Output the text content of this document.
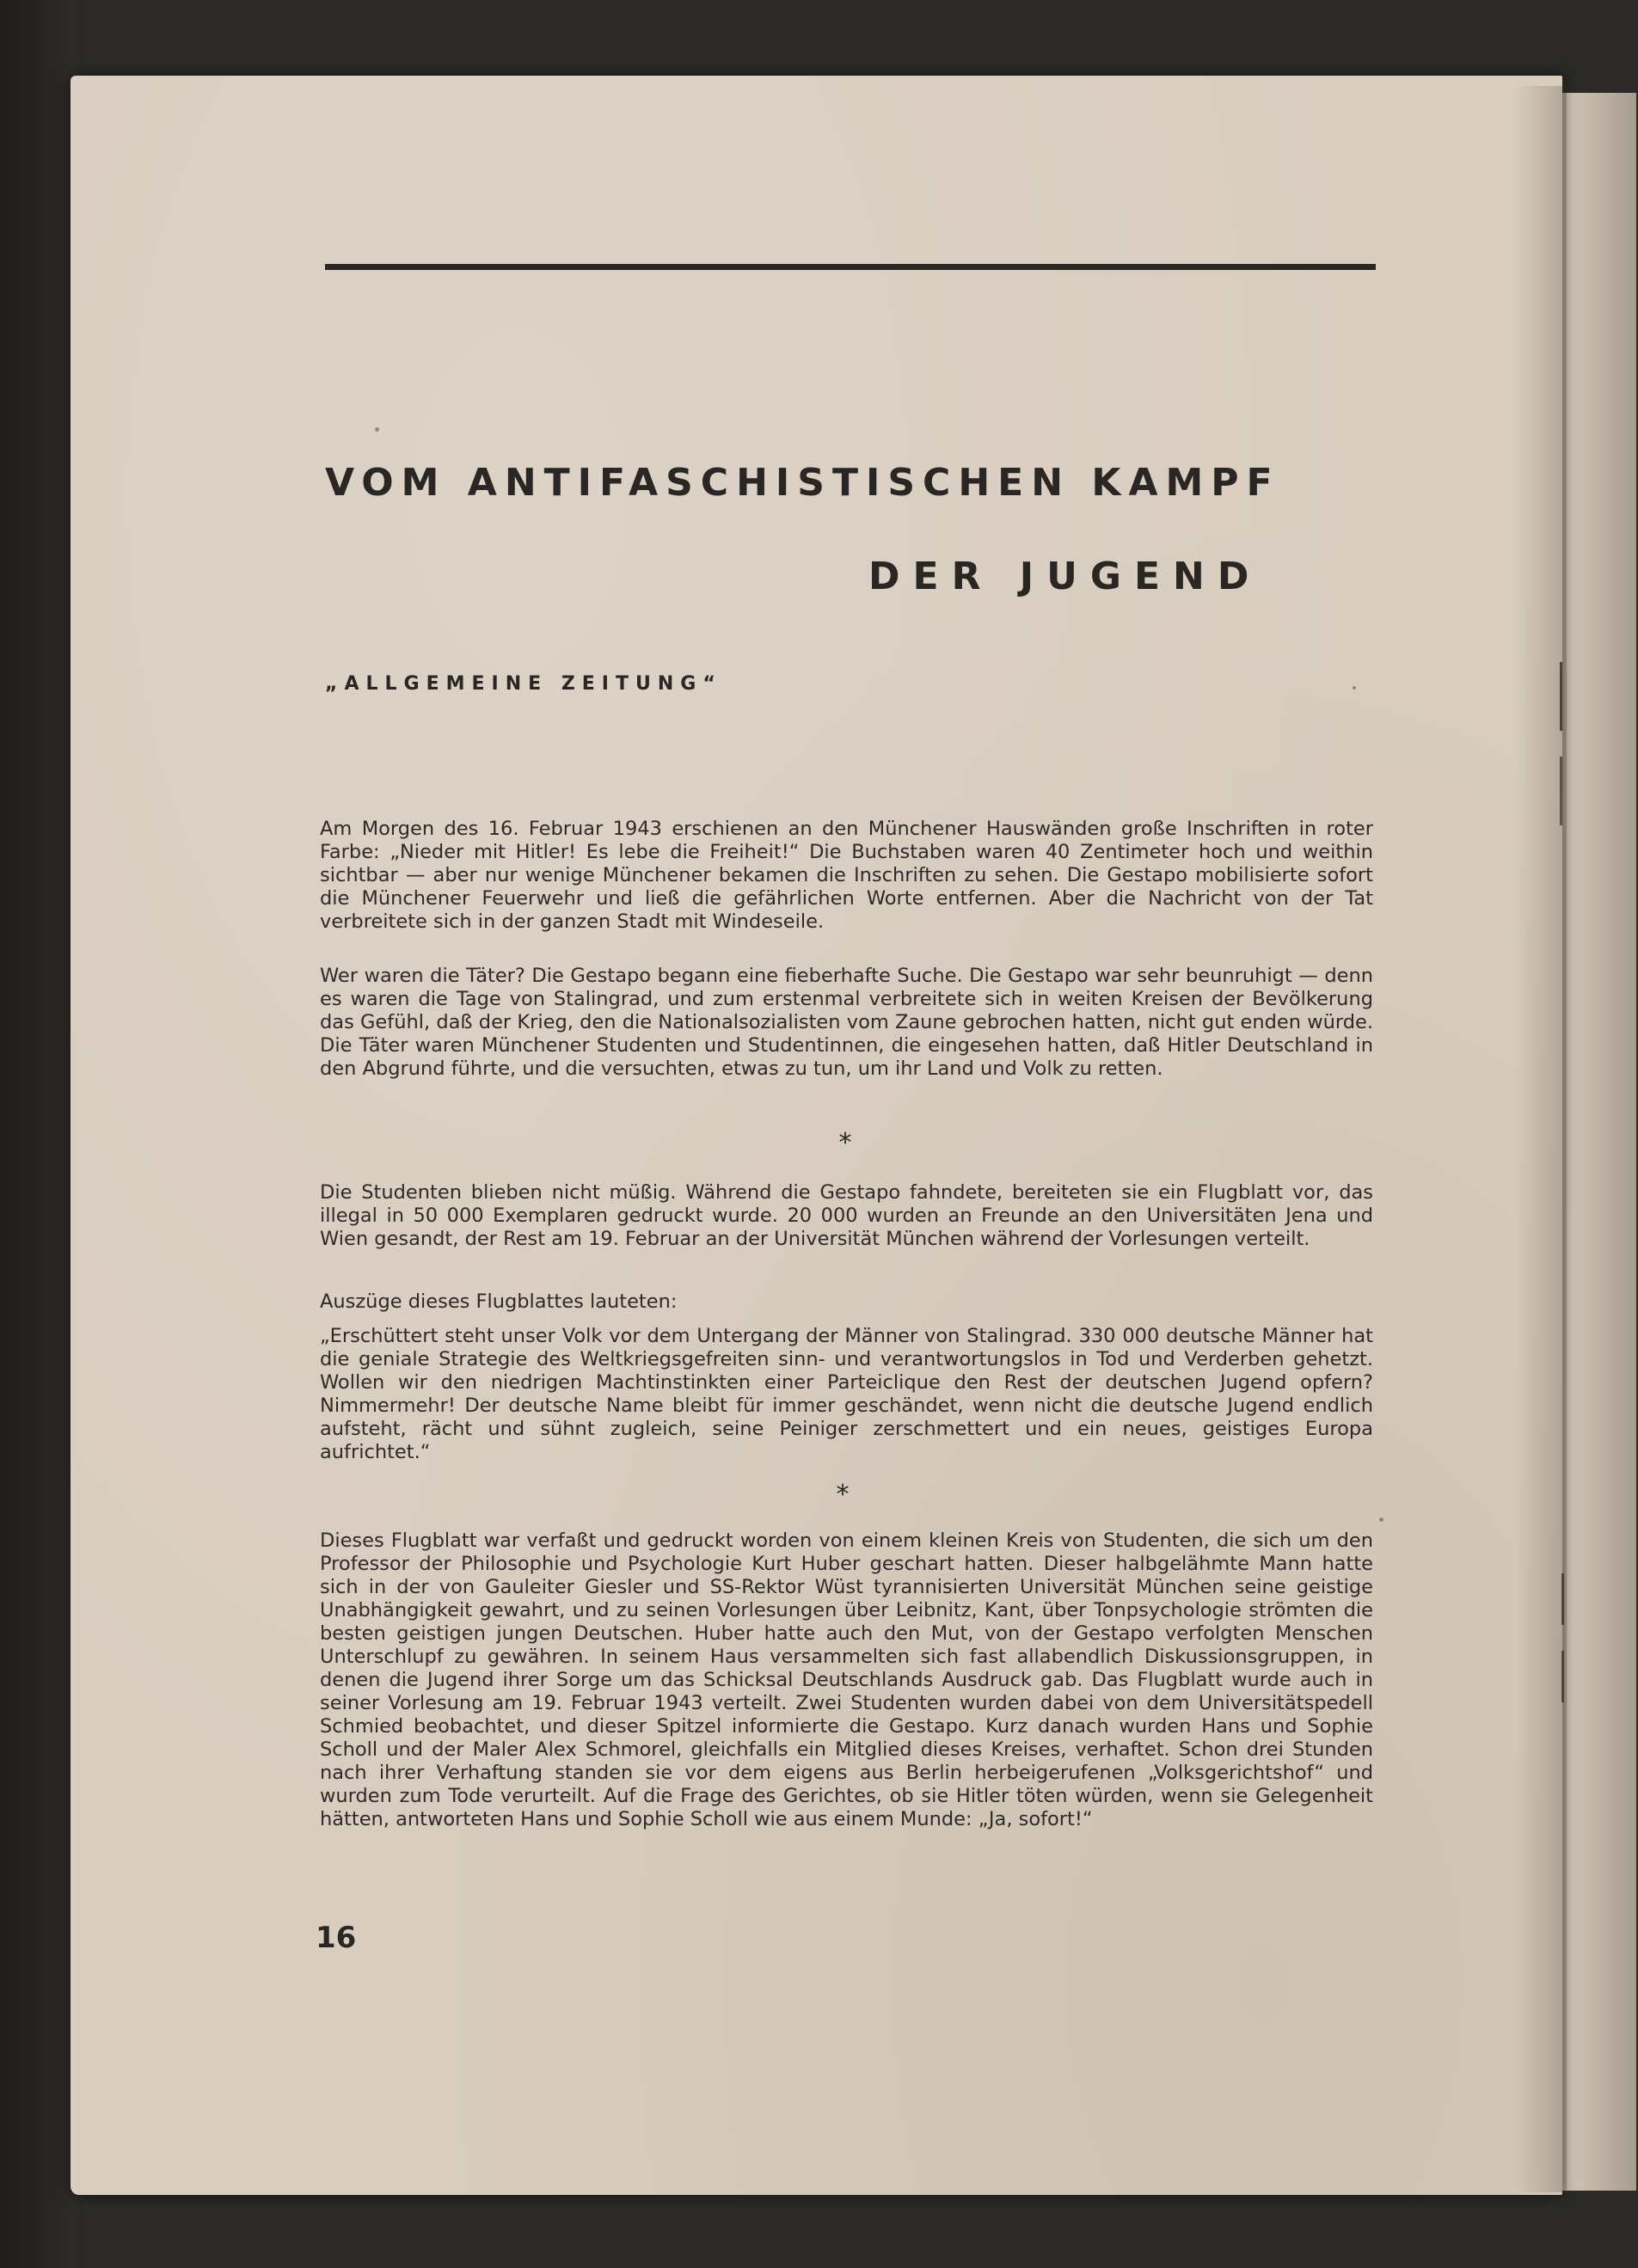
VOM ANTIFASCHISTISCHEN KAMPF
DER JUGEND
„ALLGEMEINE ZEITUNG“

Am Morgen des 16. Februar 1943 erschienen an den Münchener Hauswänden große Inschriften in roter Farbe: „Nieder mit Hitler! Es lebe die Freiheit!“ Die Buchstaben waren 40 Zentimeter hoch und weithin sichtbar — aber nur wenige Münchener bekamen die Inschriften zu sehen. Die Gestapo mobilisierte sofort die Münchener Feuerwehr und ließ die gefährlichen Worte entfernen. Aber die Nachricht von der Tat verbreitete sich in der ganzen Stadt mit Windeseile.

Wer waren die Täter? Die Gestapo begann eine fieberhafte Suche. Die Gestapo war sehr beunruhigt — denn es waren die Tage von Stalingrad, und zum erstenmal verbreitete sich in weiten Kreisen der Bevölkerung das Gefühl, daß der Krieg, den die Nationalsozialisten vom Zaune gebrochen hatten, nicht gut enden würde. Die Täter waren Münchener Studenten und Studentinnen, die eingesehen hatten, daß Hitler Deutschland in den Abgrund führte, und die versuchten, etwas zu tun, um ihr Land und Volk zu retten.

*

Die Studenten blieben nicht müßig. Während die Gestapo fahndete, bereiteten sie ein Flugblatt vor, das illegal in 50 000 Exemplaren gedruckt wurde. 20 000 wurden an Freunde an den Universitäten Jena und Wien gesandt, der Rest am 19. Februar an der Universität München während der Vorlesungen verteilt.

Auszüge dieses Flugblattes lauteten:

„Erschüttert steht unser Volk vor dem Untergang der Männer von Stalingrad. 330 000 deutsche Männer hat die geniale Strategie des Weltkriegsgefreiten sinn- und verantwortungslos in Tod und Verderben gehetzt. Wollen wir den niedrigen Machtinstinkten einer Parteiclique den Rest der deutschen Jugend opfern? Nimmermehr! Der deutsche Name bleibt für immer geschändet, wenn nicht die deutsche Jugend endlich aufsteht, rächt und sühnt zugleich, seine Peiniger zerschmettert und ein neues, geistiges Europa aufrichtet.“

*

Dieses Flugblatt war verfaßt und gedruckt worden von einem kleinen Kreis von Studenten, die sich um den Professor der Philosophie und Psychologie Kurt Huber geschart hatten. Dieser halbgelähmte Mann hatte sich in der von Gauleiter Giesler und SS-Rektor Wüst tyrannisierten Universität München seine geistige Unabhängigkeit gewahrt, und zu seinen Vorlesungen über Leibnitz, Kant, über Tonpsychologie strömten die besten geistigen jungen Deutschen. Huber hatte auch den Mut, von der Gestapo verfolgten Menschen Unterschlupf zu gewähren. In seinem Haus versammelten sich fast allabendlich Diskussionsgruppen, in denen die Jugend ihrer Sorge um das Schicksal Deutschlands Ausdruck gab. Das Flugblatt wurde auch in seiner Vorlesung am 19. Februar 1943 verteilt. Zwei Studenten wurden dabei von dem Universitätspedell Schmied beobachtet, und dieser Spitzel informierte die Gestapo. Kurz danach wurden Hans und Sophie Scholl und der Maler Alex Schmorel, gleichfalls ein Mitglied dieses Kreises, verhaftet. Schon drei Stunden nach ihrer Verhaftung standen sie vor dem eigens aus Berlin herbeigerufenen „Volksgerichtshof“ und wurden zum Tode verurteilt. Auf die Frage des Gerichtes, ob sie Hitler töten würden, wenn sie Gelegenheit hätten, antworteten Hans und Sophie Scholl wie aus einem Munde: „Ja, sofort!“

16
